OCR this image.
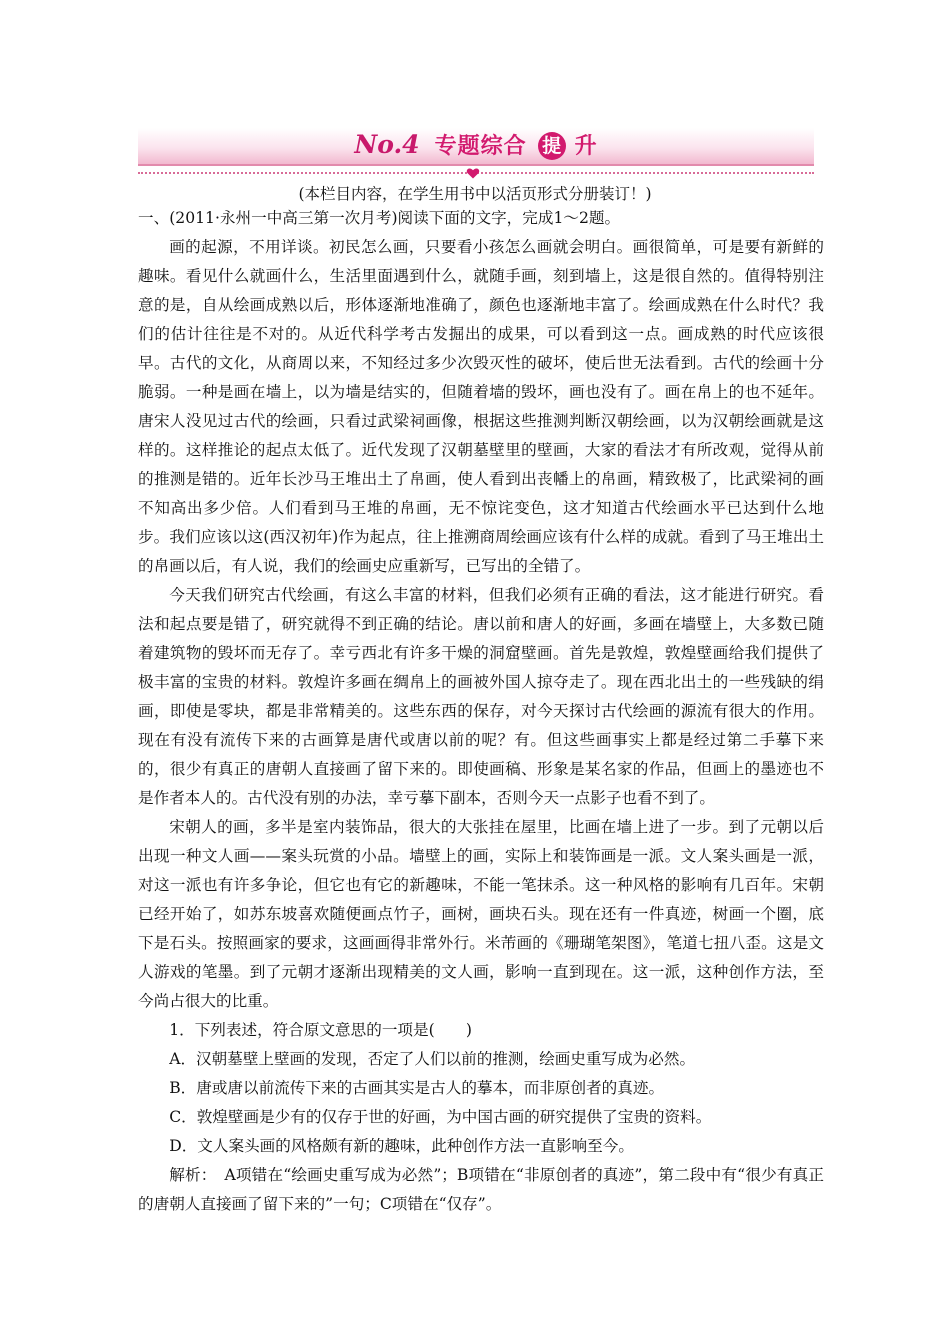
No.4 专题综合 提 升
(本栏目内容，在学生用书中以活页形式分册装订！)

一、(2011·永州一中高三第一次月考)阅读下面的文字，完成1～2题。

画的起源，不用详谈。初民怎么画，只要看小孩怎么画就会明白。画很简单，可是要有新鲜的趣味。看见什么就画什么，生活里面遇到什么，就随手画，刻到墙上，这是很自然的。值得特别注意的是，自从绘画成熟以后，形体逐渐地准确了，颜色也逐渐地丰富了。绘画成熟在什么时代？我们的估计往往是不对的。从近代科学考古发掘出的成果，可以看到这一点。画成熟的时代应该很早。古代的文化，从商周以来，不知经过多少次毁灭性的破坏，使后世无法看到。古代的绘画十分脆弱。一种是画在墙上，以为墙是结实的，但随着墙的毁坏，画也没有了。画在帛上的也不延年。唐宋人没见过古代的绘画，只看过武梁祠画像，根据这些推测判断汉朝绘画，以为汉朝绘画就是这样的。这样推论的起点太低了。近代发现了汉朝墓壁里的壁画，大家的看法才有所改观，觉得从前的推测是错的。近年长沙马王堆出土了帛画，使人看到出丧幡上的帛画，精致极了，比武梁祠的画不知高出多少倍。人们看到马王堆的帛画，无不惊诧变色，这才知道古代绘画水平已达到什么地步。我们应该以这(西汉初年)作为起点，往上推溯商周绘画应该有什么样的成就。看到了马王堆出土的帛画以后，有人说，我们的绘画史应重新写，已写出的全错了。

今天我们研究古代绘画，有这么丰富的材料，但我们必须有正确的看法，这才能进行研究。看法和起点要是错了，研究就得不到正确的结论。唐以前和唐人的好画，多画在墙壁上，大多数已随着建筑物的毁坏而无存了。幸亏西北有许多干燥的洞窟壁画。首先是敦煌，敦煌壁画给我们提供了极丰富的宝贵的材料。敦煌许多画在绸帛上的画被外国人掠夺走了。现在西北出土的一些残缺的绢画，即使是零块，都是非常精美的。这些东西的保存，对今天探讨古代绘画的源流有很大的作用。现在有没有流传下来的古画算是唐代或唐以前的呢？有。但这些画事实上都是经过第二手摹下来的，很少有真正的唐朝人直接画了留下来的。即使画稿、形象是某名家的作品，但画上的墨迹也不是作者本人的。古代没有别的办法，幸亏摹下副本，否则今天一点影子也看不到了。

宋朝人的画，多半是室内装饰品，很大的大张挂在屋里，比画在墙上进了一步。到了元朝以后出现一种文人画——案头玩赏的小品。墙壁上的画，实际上和装饰画是一派。文人案头画是一派，对这一派也有许多争论，但它也有它的新趣味，不能一笔抹杀。这一种风格的影响有几百年。宋朝已经开始了，如苏东坡喜欢随便画点竹子，画树，画块石头。现在还有一件真迹，树画一个圈，底下是石头。按照画家的要求，这画画得非常外行。米芾画的《珊瑚笔架图》，笔道七扭八歪。这是文人游戏的笔墨。到了元朝才逐渐出现精美的文人画，影响一直到现在。这一派，这种创作方法，至今尚占很大的比重。

1．下列表述，符合原文意思的一项是(　　)

A．汉朝墓壁上壁画的发现，否定了人们以前的推测，绘画史重写成为必然。

B．唐或唐以前流传下来的古画其实是古人的摹本，而非原创者的真迹。

C．敦煌壁画是少有的仅存于世的好画，为中国古画的研究提供了宝贵的资料。

D．文人案头画的风格颇有新的趣味，此种创作方法一直影响至今。

解析：　A项错在“绘画史重写成为必然”；B项错在“非原创者的真迹”，第二段中有“很少有真正的唐朝人直接画了留下来的”一句；C项错在“仅存”。
